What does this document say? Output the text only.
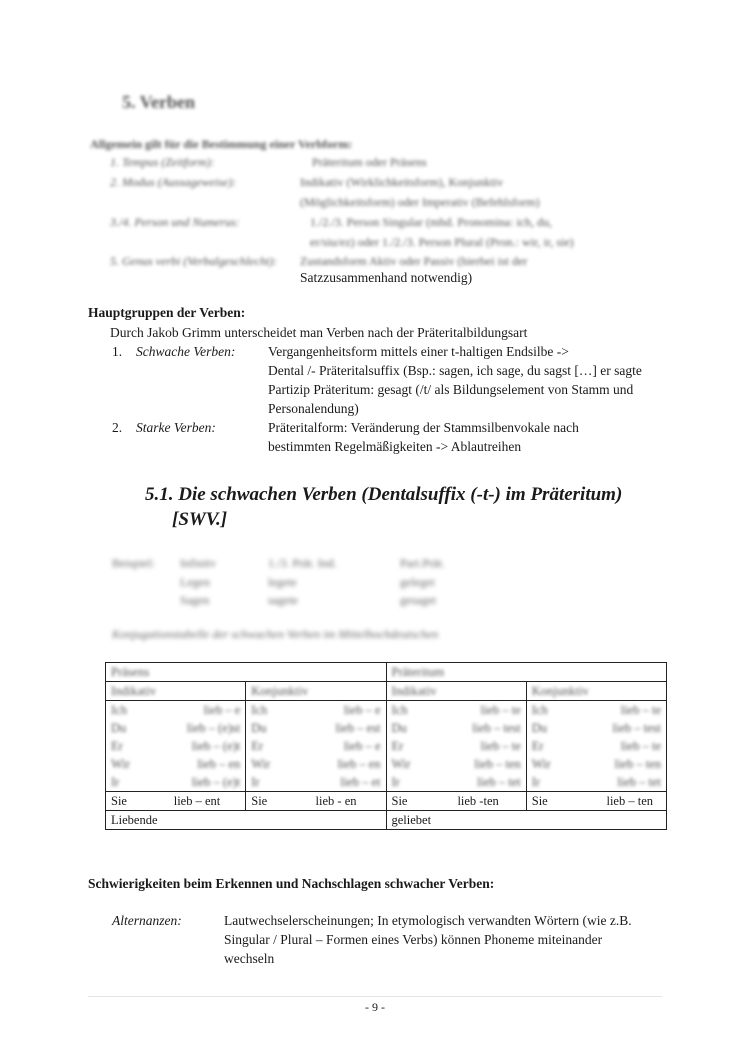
5. Verben
Allgemein gilt für die Bestimmung einer Verbform:
1. Tempus (Zeitform):	Präteritum oder Präsens
2. Modus (Aussageweise):	Indikativ (Wirklichkeitsform), Konjunktiv
(Möglichkeitsform) oder Imperativ (Befehlsform)
3./4. Person und Numerus:	1./2./3. Person Singular (mhd. Pronomina: ich, du,
er/siu/ez) oder 1./2./3. Person Plural (Pron.: wir, ir, sie)
5. Genus verbi (Verbalgeschlecht): Zustandsform Aktiv oder Passiv (hierbei ist der
Satzzusammenhand notwendig)
Hauptgruppen der Verben:
Durch Jakob Grimm unterscheidet man Verben nach der Präteritalbildungsart
1. Schwache Verben: Vergangenheitsform mittels einer t-haltigen Endsilbe ->
Dental /- Präteritalsuffix (Bsp.: sagen, ich sage, du sagst […] er sagte
Partizip Präteritum: gesagt (/t/ als Bildungselement von Stamm und
Personalendung)
2. Starke Verben:	Präteritalform: Veränderung der Stammsilbenvokale nach
bestimmten Regelmäßigkeiten -> Ablautreihen
5.1. Die schwachen Verben (Dentalsuffix (-t-) im Präteritum)
[SWV.]
Beispiel: Infinitv	1./3. Prät. Ind.	Part.Prät.
Legen	legete	geleget
Sagen	sagete	gesaget
Konjugationstabelle der schwachen Verben im Mittelhochdeutschen
Präsens		Präteritum	
Indikativ	Konjunktiv	Indikativ	Konjunktiv

Ich lieb – e	Ich lieb – e	Ich lieb – te	Ich lieb – te

Du lieb – (e)st	Du lieb – est	Du lieb – test	Du lieb – test

Er lieb – (e)t	Er lieb – e	Er lieb – te	Er lieb – te

Wir lieb – en	Wir lieb – en	Wir lieb – ten	Wir lieb – ten

Ir lieb – (e)t	Ir lieb – et	Ir lieb – tet	Ir lieb – tet

Sie lieb – ent	Sie lieb - en	Sie lieb -ten	Sie lieb – ten

Liebende		geliebet	
Schwierigkeiten beim Erkennen und Nachschlagen schwacher Verben:
Alternanzen:	Lautwechselerscheinungen; In etymologisch verwandten Wörtern (wie z.B.
Singular / Plural – Formen eines Verbs) können Phoneme miteinander
wechseln
- 9 -
